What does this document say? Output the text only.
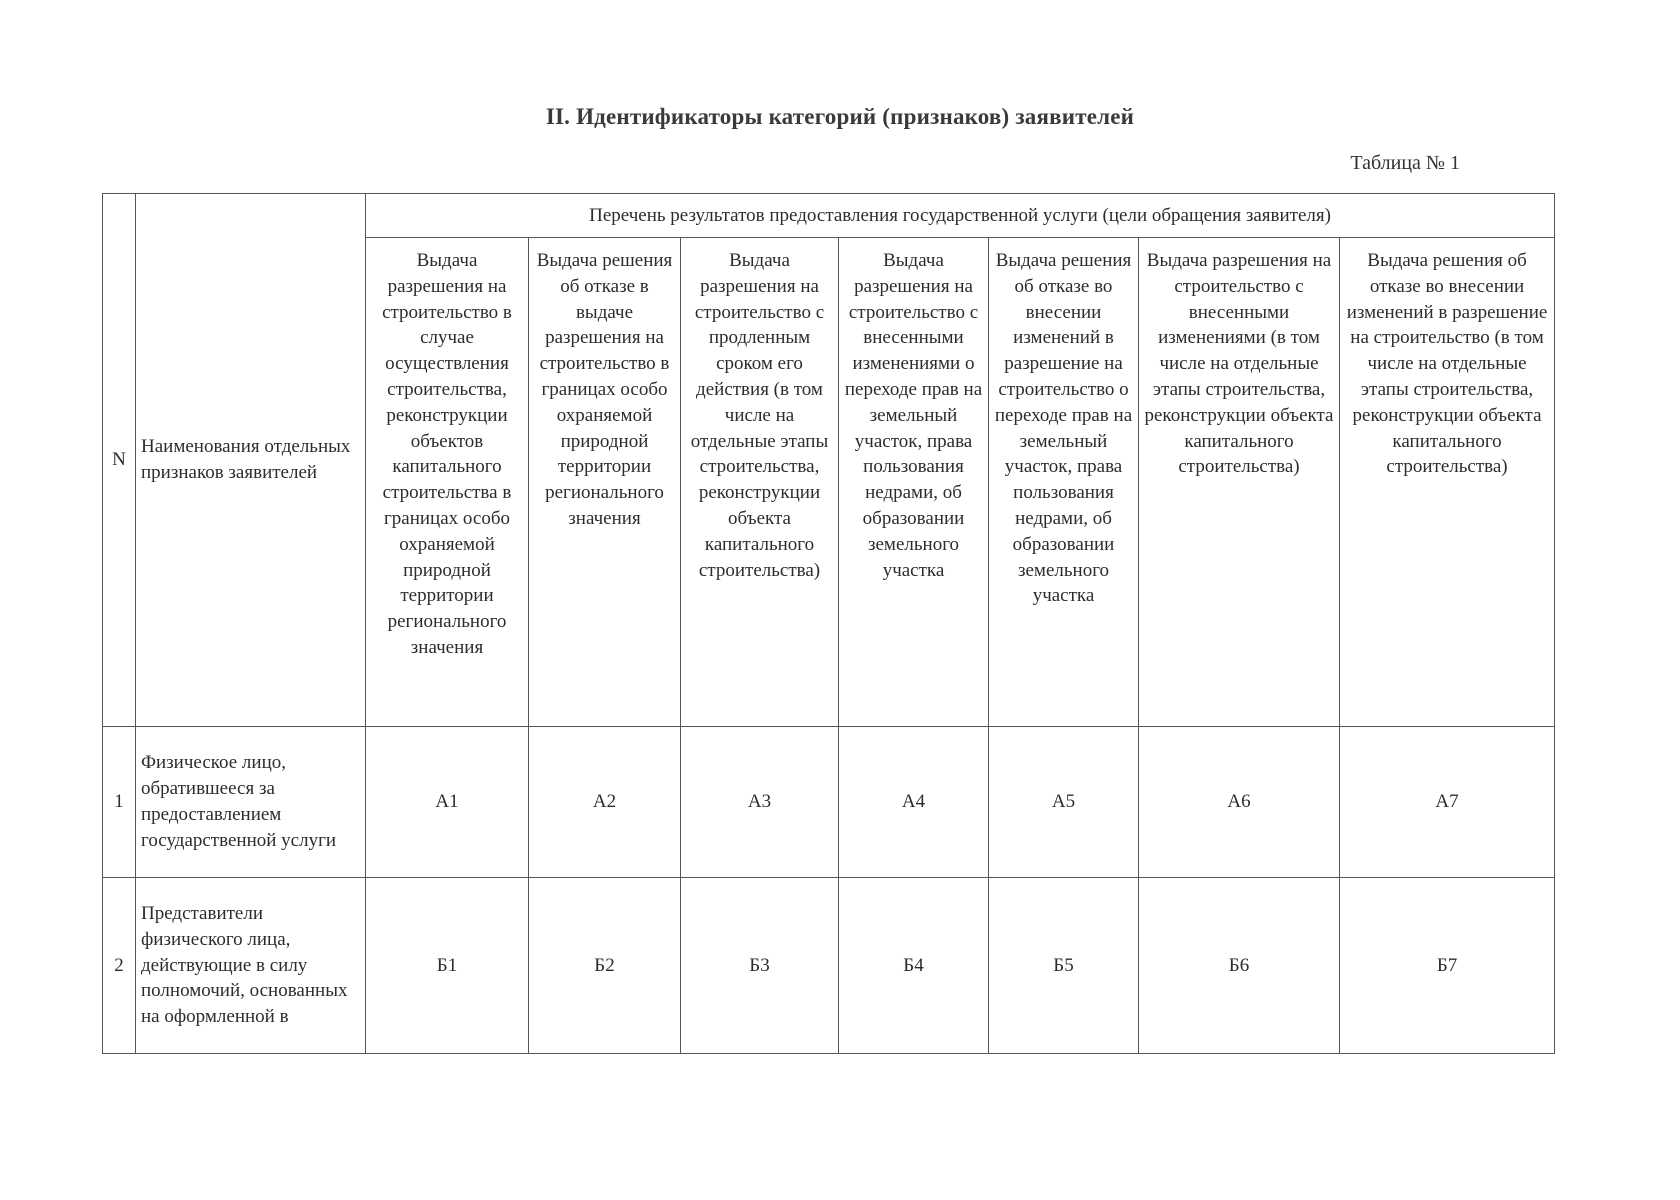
II. Идентификаторы категорий (признаков) заявителей
Таблица № 1
N	Наименования отдельных признаков заявителей	Перечень результатов предоставления государственной услуги (цели обращения заявителя)						
		Выдача разрешения на строительство в случае осуществления строительства, реконструкции объектов капитального строительства в границах особо охраняемой природной территории регионального значения	Выдача решения об отказе в выдаче разрешения на строительство в границах особо охраняемой природной территории регионального значения	Выдача разрешения на строительство с продленным сроком его действия (в том числе на отдельные этапы строительства, реконструкции объекта капитального строительства)	Выдача разрешения на строительство с внесенными изменениями о переходе прав на земельный участок, права пользования недрами, об образовании земельного участка	Выдача решения об отказе во внесении изменений в разрешение на строительство о переходе прав на земельный участок, права пользования недрами, об образовании земельного участка	Выдача разрешения на строительство с внесенными изменениями (в том числе на отдельные этапы строительства, реконструкции объекта капитального строительства)	Выдача решения об отказе во внесении изменений в разрешение на строительство (в том числе на отдельные этапы строительства, реконструкции объекта капитального строительства)
1	Физическое лицо, обратившееся за предоставлением государственной услуги	А1	А2	А3	А4	А5	А6	А7
2	Представители физического лица, действующие в силу полномочий, основанных на оформленной в	Б1	Б2	Б3	Б4	Б5	Б6	Б7
